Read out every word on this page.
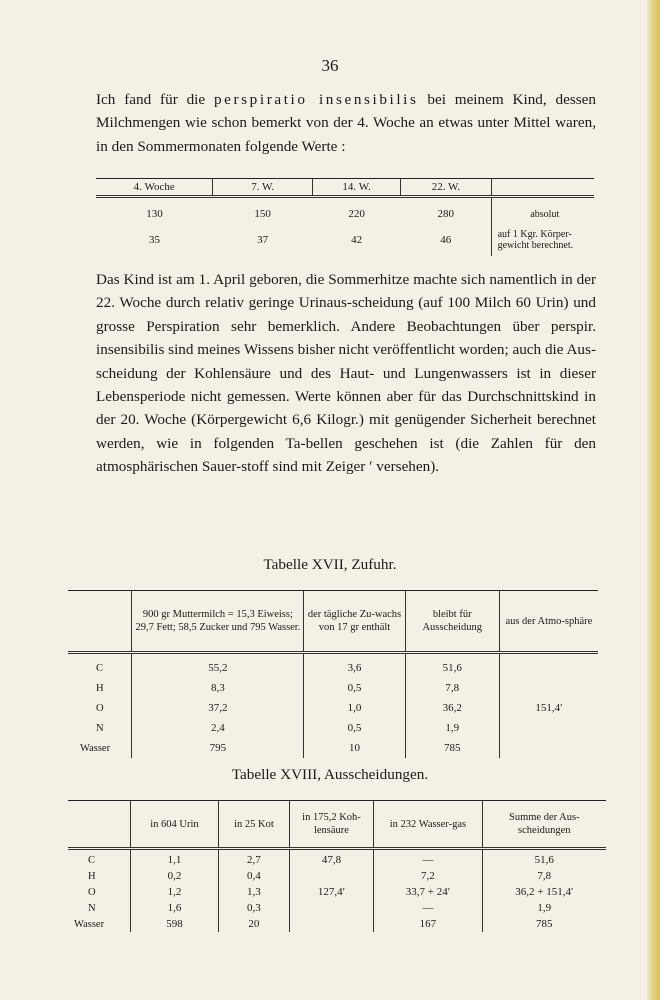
36

Ich fand für die perspiratio insensibilis bei meinem Kind, dessen Milchmengen wie schon bemerkt von der 4. Woche an etwas unter Mittel waren, in den Sommermonaten folgende Werte :

4. Woche	7. W.	14. W.	22. W.	
130	150	220	280	absolut
35	37	42	46	auf 1 Kgr. Körper-gewicht berechnet.

Das Kind ist am 1. April geboren, die Sommerhitze machte sich namentlich in der 22. Woche durch relativ geringe Urinaus-scheidung (auf 100 Milch 60 Urin) und grosse Perspiration sehr bemerklich. Andere Beobachtungen über perspir. insensibilis sind meines Wissens bisher nicht veröffentlicht worden; auch die Aus-scheidung der Kohlensäure und des Haut- und Lungenwassers ist in dieser Lebensperiode nicht gemessen. Werte können aber für das Durchschnittskind in der 20. Woche (Körpergewicht 6,6 Kilogr.) mit genügender Sicherheit berechnet werden, wie in folgenden Ta-bellen geschehen ist (die Zahlen für den atmosphärischen Sauer-stoff sind mit Zeiger ′ versehen).

Tabelle XVII, Zufuhr.
	900 gr Muttermilch = 15,3 Eiweiss; 29,7 Fett; 58,5 Zucker und 795 Wasser.	der tägliche Zu-wachs von 17 gr enthält	bleibt für Ausscheidung	aus der Atmo-sphäre
C	55,2	3,6	51,6	
H	8,3	0,5	7,8	
O	37,2	1,0	36,2	151,4′
N	2,4	0,5	1,9	
Wasser	795	10	785	
Tabelle XVIII, Ausscheidungen.
	in 604 Urin	in 25 Kot	in 175,2 Koh-lensäure	in 232 Wasser-gas	Summe der Aus-scheidungen
C	1,1	2,7	47,8	—	51,6
H	0,2	0,4		7,2	7,8
O	1,2	1,3	127,4′	33,7 + 24′	36,2 + 151,4′
N	1,6	0,3		—	1,9
Wasser	598	20		167	785
